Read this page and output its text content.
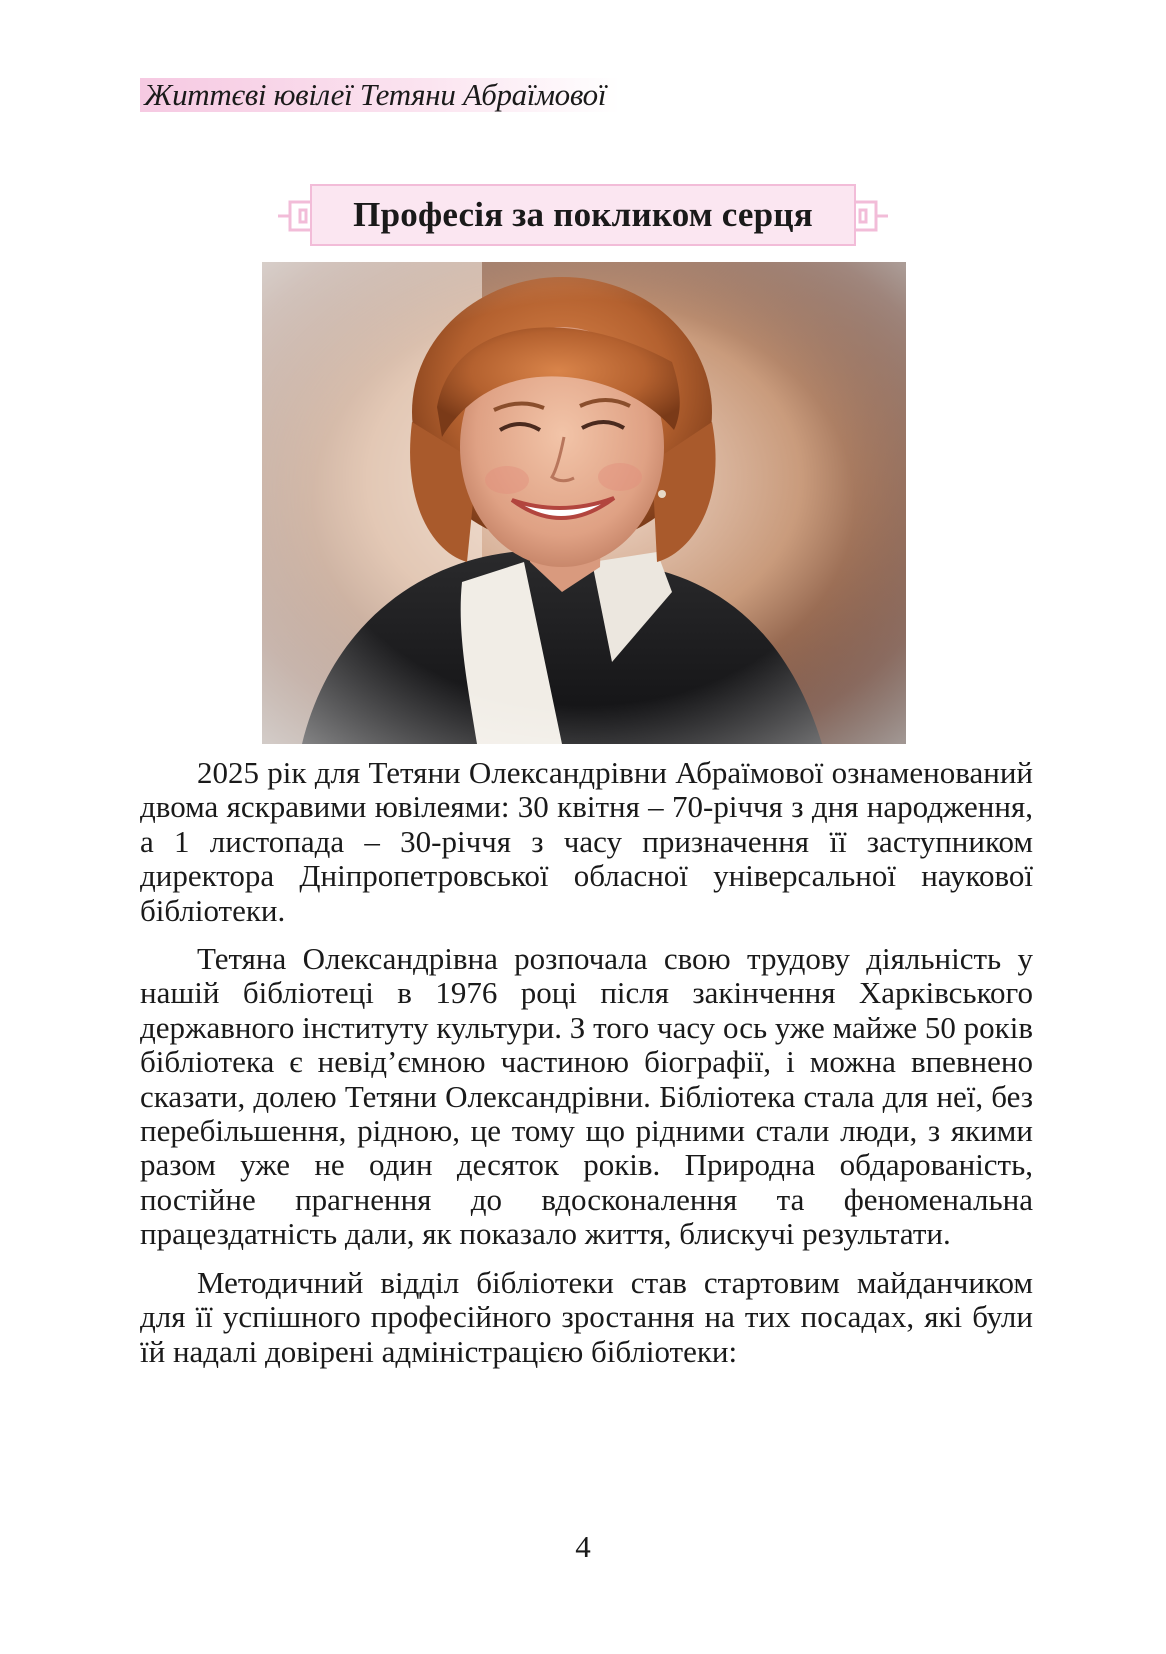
Життєві ювілеї Тетяни Абраїмової
Професія за покликом серця

2025 рік для Тетяни Олександрівни Абраїмової ознаменований двома яскравими ювілеями: 30 квітня – 70-річчя з дня народження, а 1 листопада – 30-річчя з часу призначення її заступником директора Дніпропетровської обласної універсальної наукової бібліотеки.

Тетяна Олександрівна розпочала свою трудову діяльність у нашій бібліотеці в 1976 році після закінчення Харківського державного інституту культури. З того часу ось уже майже 50 років бібліотека є невід’ємною частиною біографії, і можна впевнено сказати, долею Тетяни Олександрівни. Бібліотека стала для неї, без перебільшення, рідною, це тому що рідними стали люди, з якими разом уже не один десяток років. Природна обдарованість, постійне прагнення до вдосконалення та феноменальна працездатність дали, як показало життя, блискучі результати.

Методичний відділ бібліотеки став стартовим майданчиком для її успішного професійного зростання на тих посадах, які були їй надалі довірені адміністрацією бібліотеки:

4
